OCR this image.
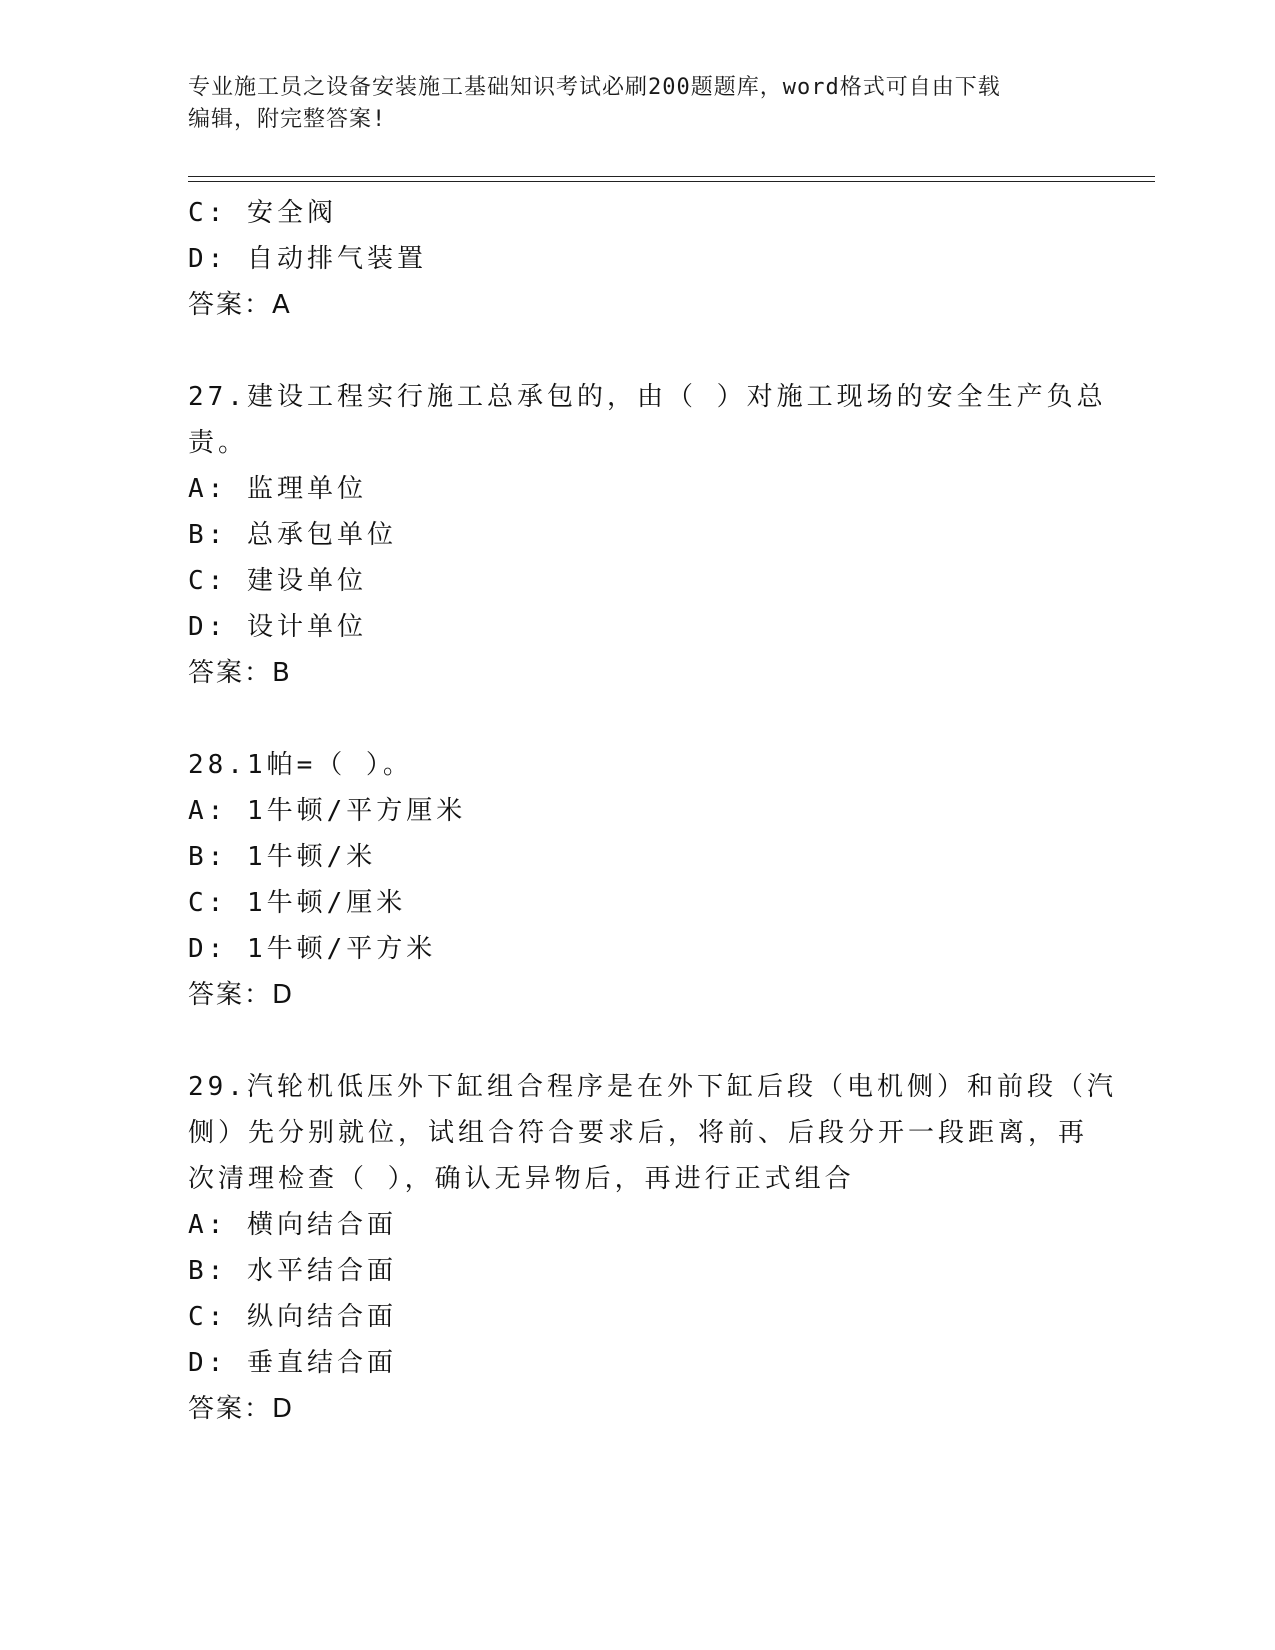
专业施工员之设备安装施工基础知识考试必刷200题题库，word格式可自由下载
编辑，附完整答案!
C: 安全阀
D: 自动排气装置
答案：A
27.建设工程实行施工总承包的，由（ ）对施工现场的安全生产负总
责。
A: 监理单位
B: 总承包单位
C: 建设单位
D: 设计单位
答案：B
28.1帕=（ ）。
A: 1牛顿/平方厘米
B: 1牛顿/米
C: 1牛顿/厘米
D: 1牛顿/平方米
答案：D
29.汽轮机低压外下缸组合程序是在外下缸后段（电机侧）和前段（汽
侧）先分别就位，试组合符合要求后，将前、后段分开一段距离，再
次清理检查（ ），确认无异物后，再进行正式组合
A: 横向结合面
B: 水平结合面
C: 纵向结合面
D: 垂直结合面
答案：D
